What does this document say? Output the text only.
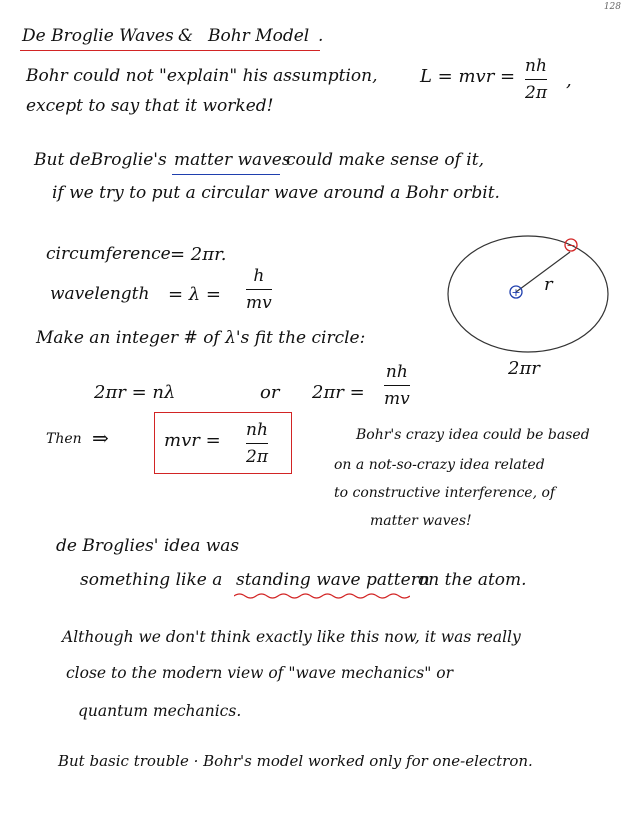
128
De Broglie Waves & Bohr Model .
Bohr could not "explain" his assumption, L = mvr = nh
2π
,
except to say that it worked!
But deBroglie's matter waves
could make sense of it,
if we try to put a circular wave around a Bohr orbit.
circumference = 2πr.
wavelength = λ =
h
mv
+
−
r
2πr
Make an integer # of λ's fit the circle:
2πr = nλ	or 2πr =
nh
mv
Then ⇒	mvr = nh
2π
Bohr's crazy idea could be based
on a not-so-crazy idea related
to constructive interference, of
matter waves!
de Broglies' idea was
something like a standing wave pattern
on the atom.
Although we don't think exactly like this now, it was really
close to the modern view of "wave mechanics" or
quantum mechanics.
But basic trouble · Bohr's model worked only for one-electron.
